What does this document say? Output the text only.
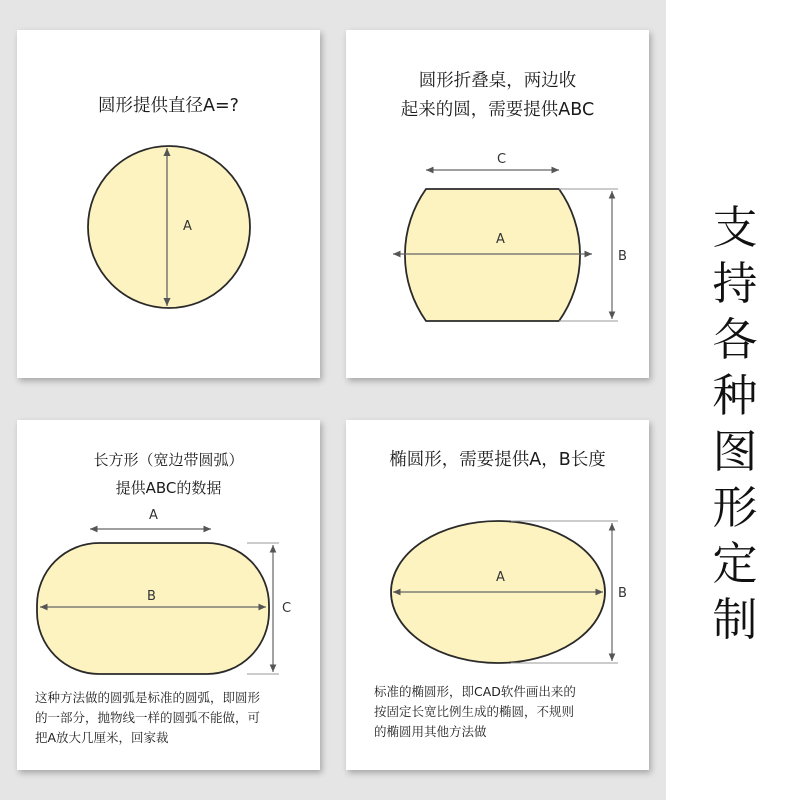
圆形提供直径A=?
A
圆形折叠桌，两边收
起来的圆，需要提供ABC
C
A
B
长方形（宽边带圆弧）
提供ABC的数据
A
B
C
这种方法做的圆弧是标准的圆弧，即圆形
的一部分，抛物线一样的圆弧不能做，可
把A放大几厘米，回家裁
椭圆形，需要提供A，B长度
A
B
标准的椭圆形，即CAD软件画出来的
按固定长宽比例生成的椭圆，不规则
的椭圆用其他方法做
支
持
各
种
图
形
定
制
